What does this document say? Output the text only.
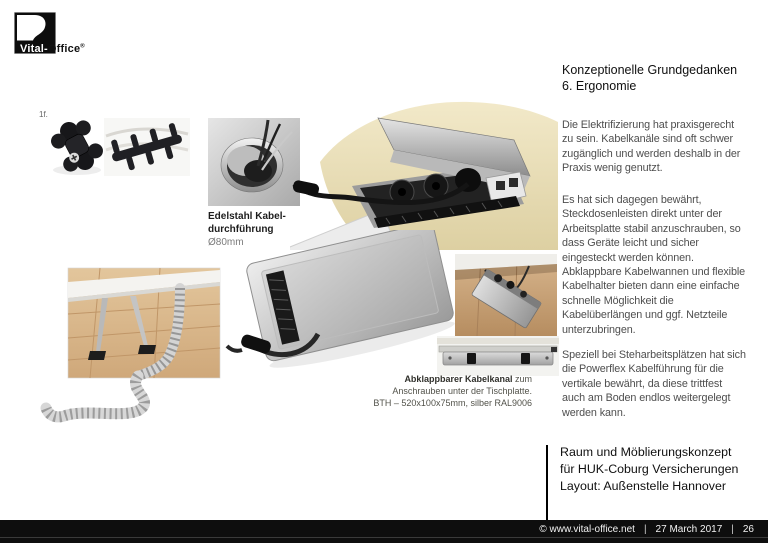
Vital-Office®
1f.
Edelstahl Kabel-
durchführung
Ø80mm
Abklappbarer Kabelkanal zum
Anschrauben unter der Tischplatte.
BTH – 520x100x75mm, silber RAL9006
Konzeptionelle Grundgedanken
6. Ergonomie
Die Elektrifizierung hat praxisgerecht zu sein. Kabelkanäle sind oft schwer zugänglich und werden deshalb in der Praxis wenig genutzt.
Es hat sich dagegen bewährt, Steckdosenleisten direkt unter der Arbeitsplatte stabil anzuschrauben, so dass Geräte leicht und sicher eingesteckt werden können. Abklappbare Kabelwannen und flexible Kabelhalter bieten dann eine einfache schnelle Möglichkeit die Kabelüberlängen und ggf. Netzteile unterzubringen.
Speziell bei Steharbeitsplätzen hat sich die Powerflex Kabelführung für die vertikale bewährt, da diese trittfest auch am Boden endlos weitergelegt werden kann.
Raum und Möblierungskonzept
für HUK-Coburg Versicherungen
Layout: Außenstelle Hannover
© www.vital-office.net | 27 March 2017 | 26
